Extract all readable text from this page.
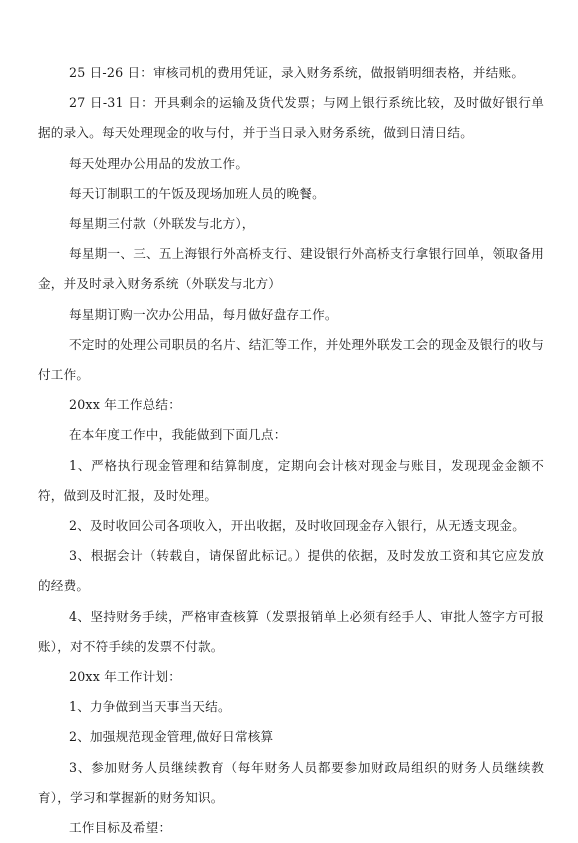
25 日-26 日：审核司机的费用凭证，录入财务系统，做报销明细表格，并结账。

27 日-31 日：开具剩余的运输及货代发票；与网上银行系统比较，及时做好银行单据的录入。每天处理现金的收与付，并于当日录入财务系统，做到日清日结。

每天处理办公用品的发放工作。

每天订制职工的午饭及现场加班人员的晚餐。

每星期三付款（外联发与北方），

每星期一、三、五上海银行外高桥支行、建设银行外高桥支行拿银行回单，领取备用金，并及时录入财务系统（外联发与北方）

每星期订购一次办公用品，每月做好盘存工作。

不定时的处理公司职员的名片、结汇等工作，并处理外联发工会的现金及银行的收与付工作。

20xx 年工作总结：

在本年度工作中，我能做到下面几点：

1、严格执行现金管理和结算制度，定期向会计核对现金与账目，发现现金金额不符，做到及时汇报，及时处理。

2、及时收回公司各项收入，开出收据，及时收回现金存入银行，从无透支现金。

3、根据会计（转载自，请保留此标记。）提供的依据，及时发放工资和其它应发放的经费。

4、坚持财务手续，严格审查核算（发票报销单上必须有经手人、审批人签字方可报账），对不符手续的发票不付款。

20xx 年工作计划：

1、力争做到当天事当天结。

2、加强规范现金管理,做好日常核算

3、参加财务人员继续教育（每年财务人员都要参加财政局组织的财务人员继续教育），学习和掌握新的财务知识。

工作目标及希望：
